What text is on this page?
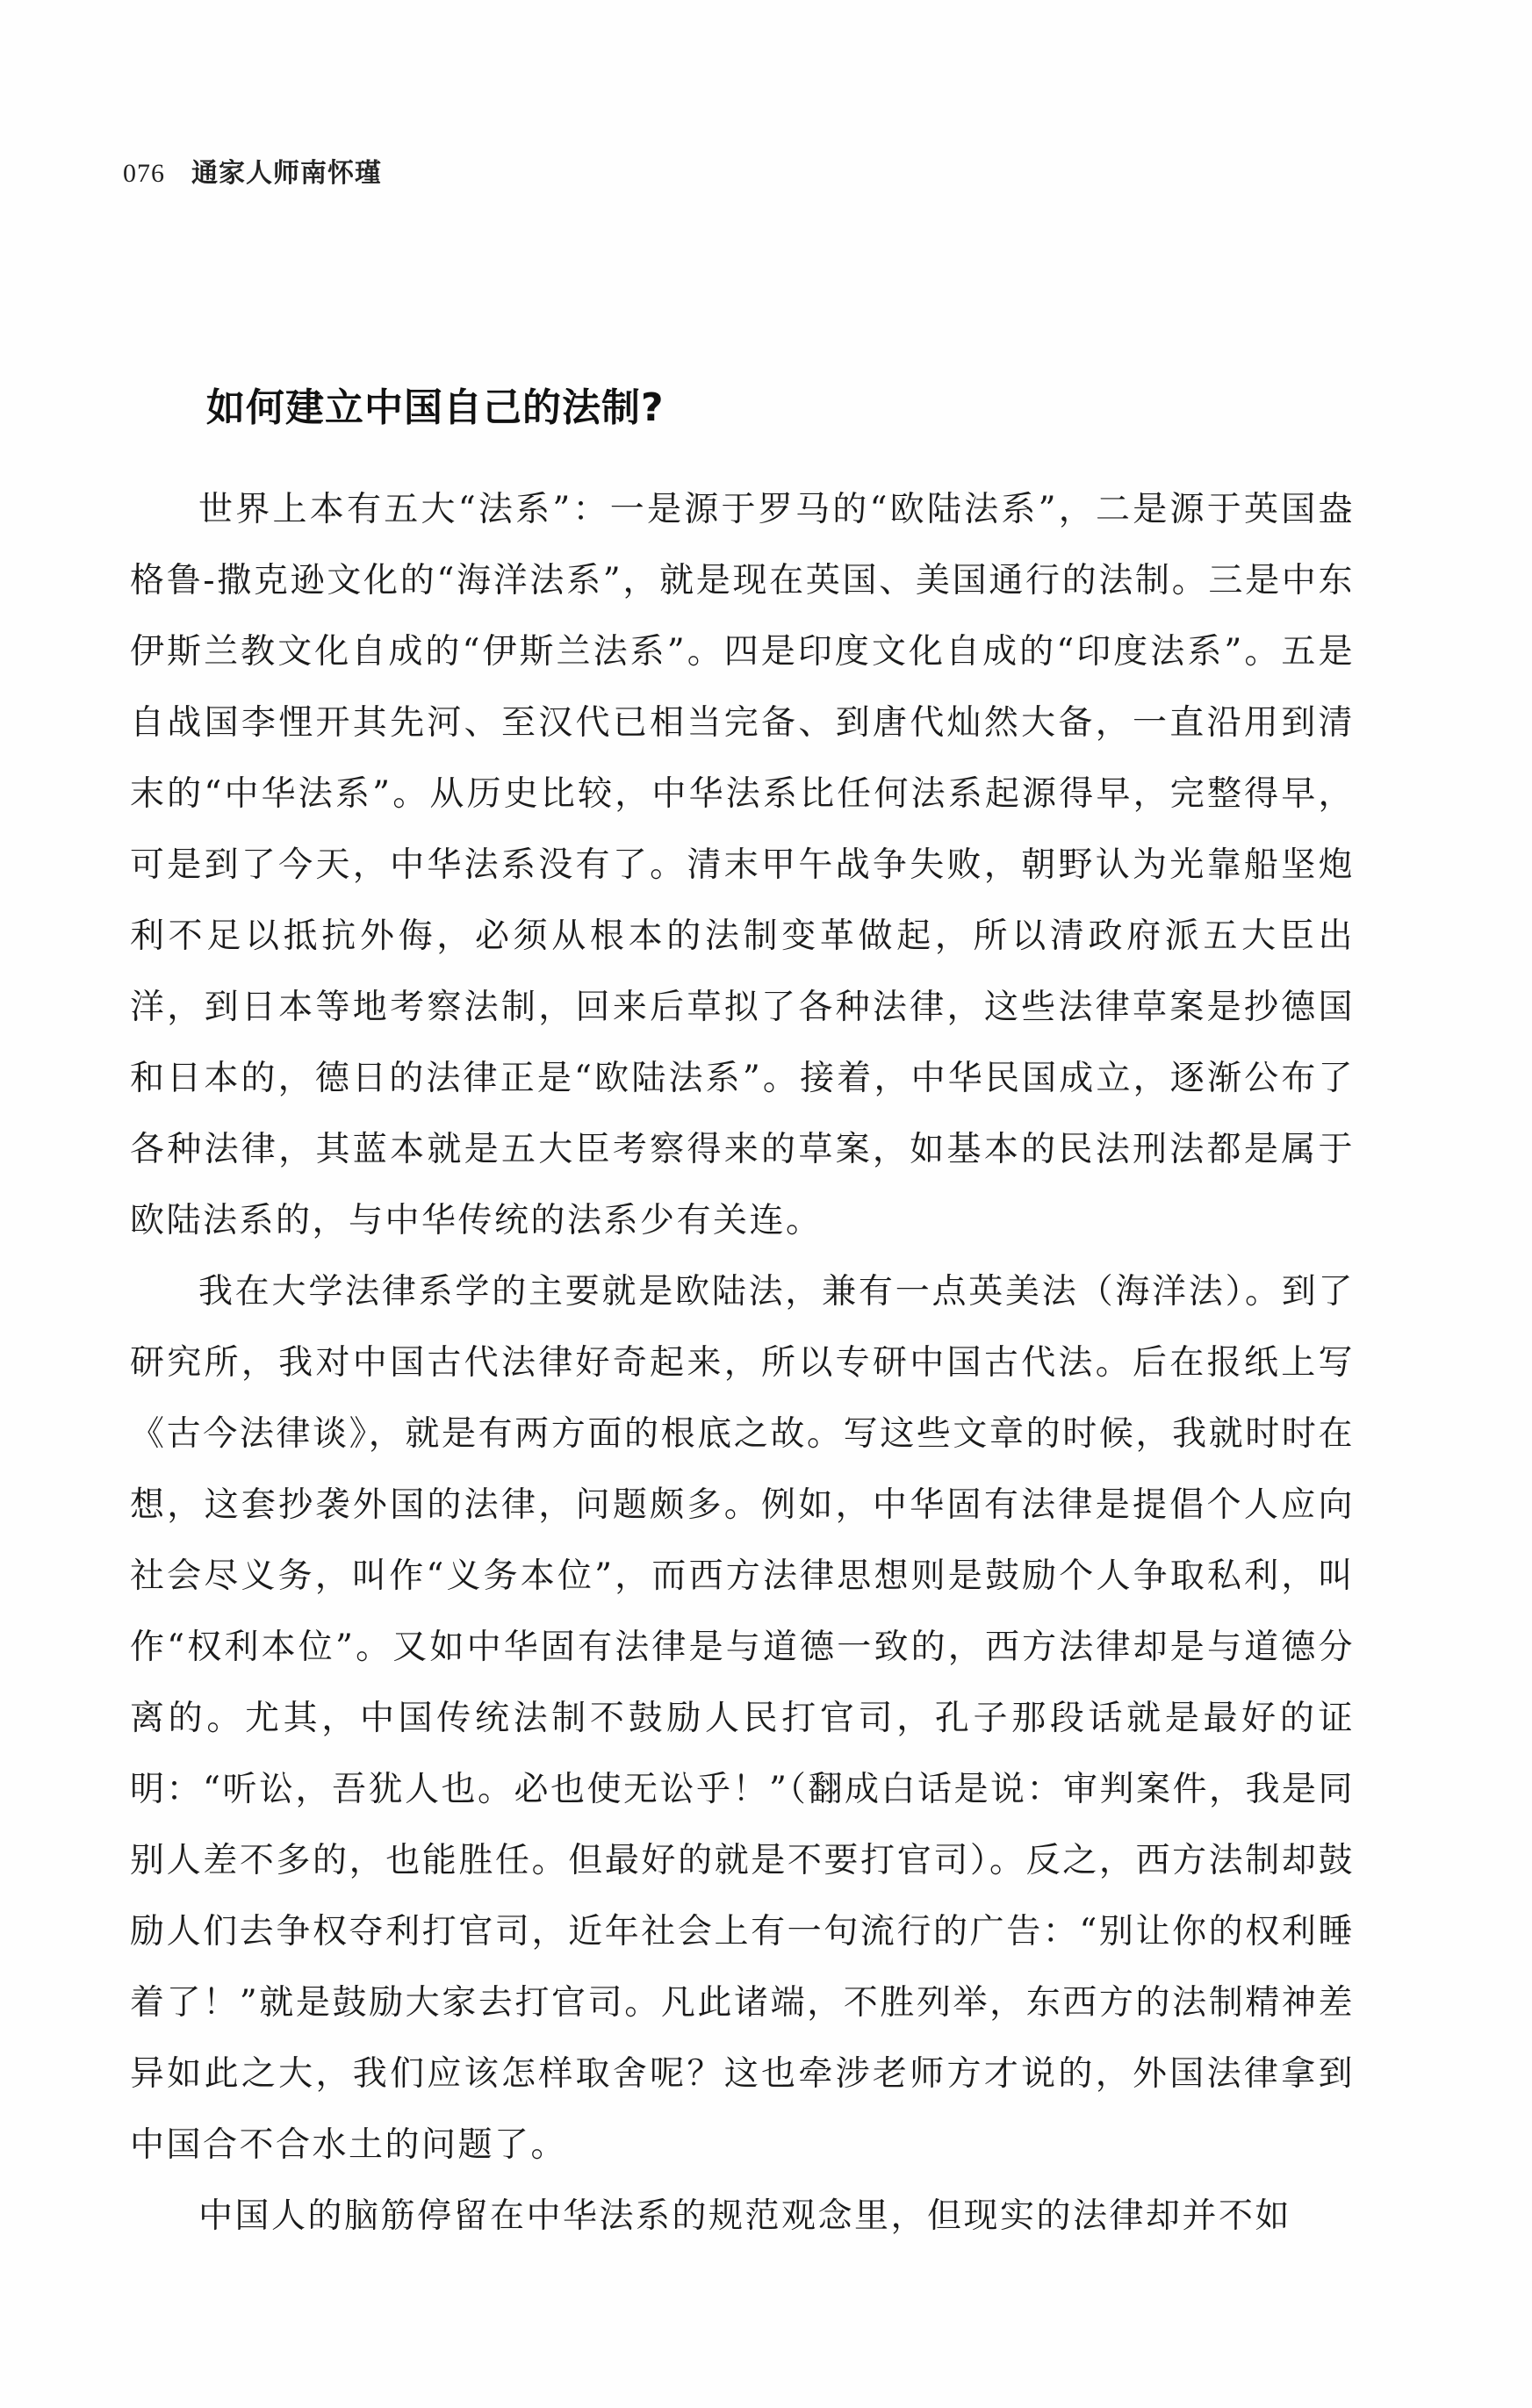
076 通家人师南怀瑾
如何建立中国自己的法制?

世界上本有五大“法系”：一是源于罗马的“欧陆法系”，二是源于英国盎格鲁-撒克逊文化的“海洋法系”，就是现在英国、美国通行的法制。三是中东伊斯兰教文化自成的“伊斯兰法系”。四是印度文化自成的“印度法系”。五是自战国李悝开其先河、至汉代已相当完备、到唐代灿然大备，一直沿用到清末的“中华法系”。从历史比较，中华法系比任何法系起源得早，完整得早，可是到了今天，中华法系没有了。清末甲午战争失败，朝野认为光靠船坚炮利不足以抵抗外侮，必须从根本的法制变革做起，所以清政府派五大臣出洋，到日本等地考察法制，回来后草拟了各种法律，这些法律草案是抄德国和日本的，德日的法律正是“欧陆法系”。接着，中华民国成立，逐渐公布了各种法律，其蓝本就是五大臣考察得来的草案，如基本的民法刑法都是属于欧陆法系的，与中华传统的法系少有关连。

我在大学法律系学的主要就是欧陆法，兼有一点英美法（海洋法）。到了研究所，我对中国古代法律好奇起来，所以专研中国古代法。后在报纸上写《古今法律谈》，就是有两方面的根底之故。写这些文章的时候，我就时时在想，这套抄袭外国的法律，问题颇多。例如，中华固有法律是提倡个人应向社会尽义务，叫作“义务本位”，而西方法律思想则是鼓励个人争取私利，叫作“权利本位”。又如中华固有法律是与道德一致的，西方法律却是与道德分离的。尤其，中国传统法制不鼓励人民打官司，孔子那段话就是最好的证明：“听讼，吾犹人也。必也使无讼乎！”（翻成白话是说：审判案件，我是同别人差不多的，也能胜任。但最好的就是不要打官司）。反之，西方法制却鼓励人们去争权夺利打官司，近年社会上有一句流行的广告：“别让你的权利睡着了！”就是鼓励大家去打官司。凡此诸端，不胜列举，东西方的法制精神差异如此之大，我们应该怎样取舍呢？这也牵涉老师方才说的，外国法律拿到中国合不合水土的问题了。

中国人的脑筋停留在中华法系的规范观念里，但现实的法律却并不如
